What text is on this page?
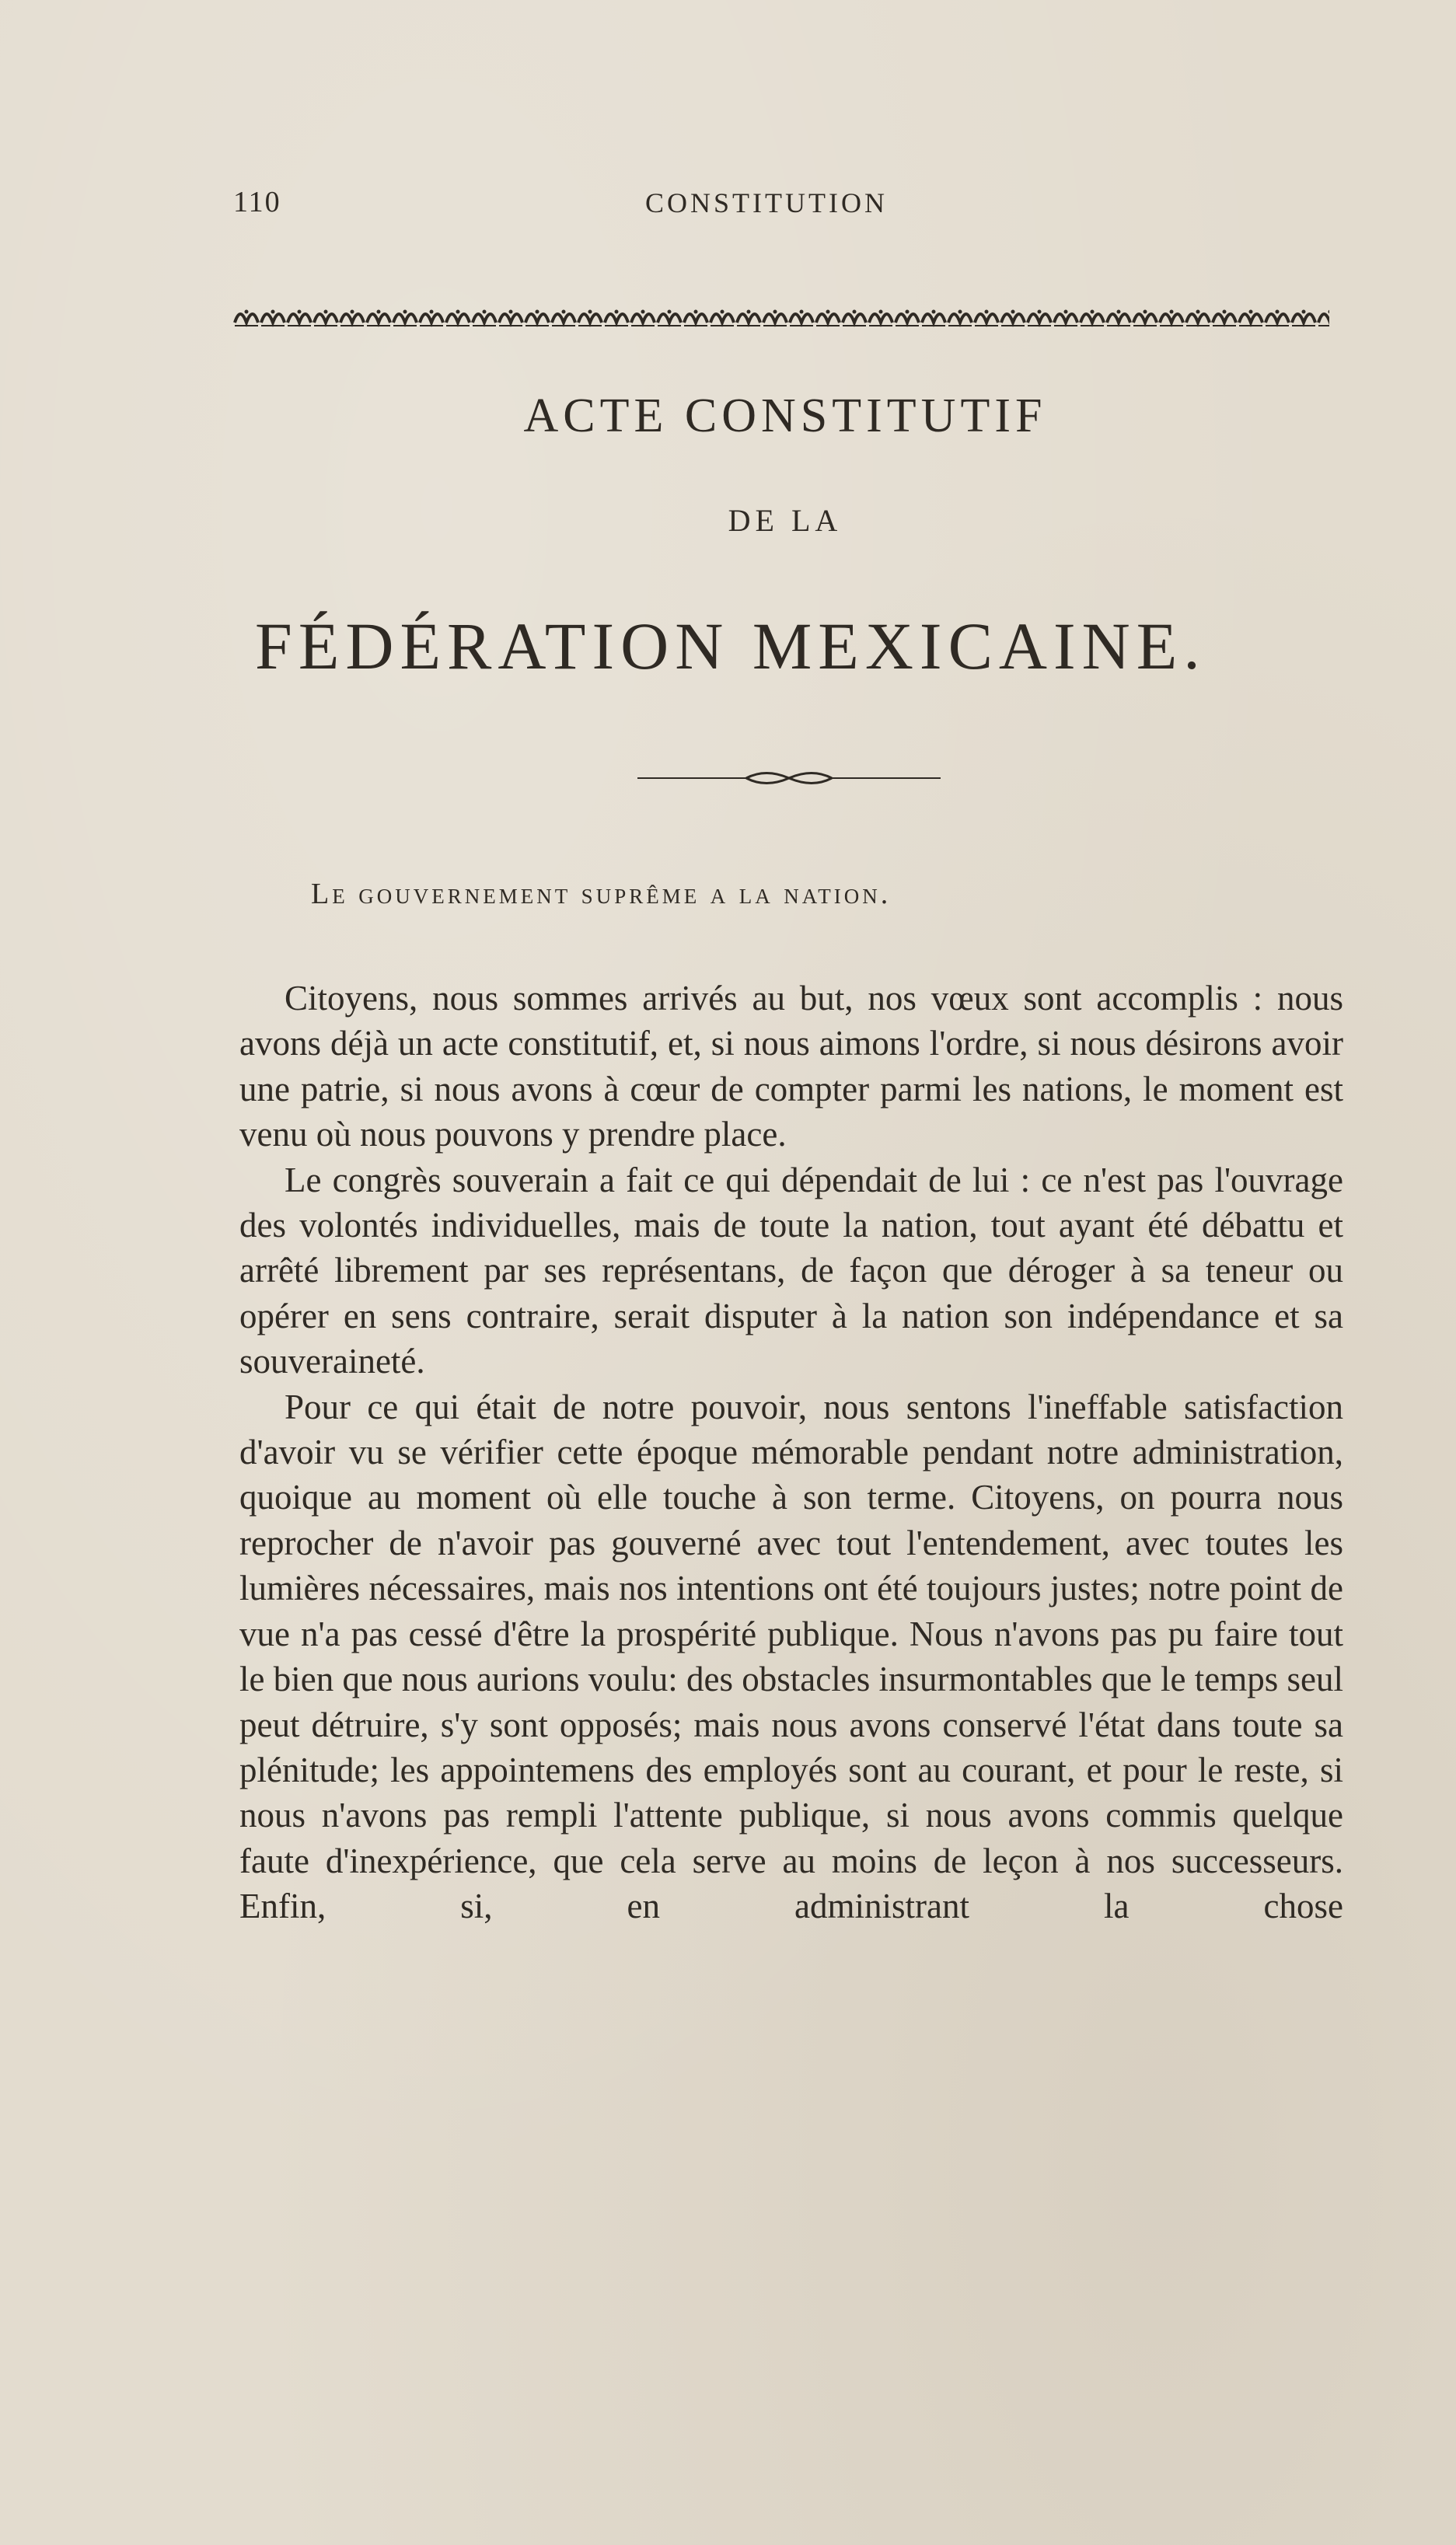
110	CONSTITUTION
ACTE CONSTITUTIF
DE LA
FÉDÉRATION MEXICAINE.
Le gouvernement suprême a la nation.

Citoyens, nous sommes arrivés au but, nos vœux sont accomplis : nous avons déjà un acte constitutif, et, si nous aimons l'ordre, si nous désirons avoir une patrie, si nous avons à cœur de compter parmi les nations, le moment est venu où nous pouvons y prendre place.

Le congrès souverain a fait ce qui dépendait de lui : ce n'est pas l'ouvrage des volontés individuelles, mais de toute la nation, tout ayant été débattu et arrêté librement par ses représentans, de façon que déroger à sa teneur ou opérer en sens contraire, serait disputer à la nation son indépendance et sa souveraineté.

Pour ce qui était de notre pouvoir, nous sentons l'ineffable satisfaction d'avoir vu se vérifier cette époque mémorable pendant notre administration, quoique au moment où elle touche à son terme. Citoyens, on pourra nous reprocher de n'avoir pas gouverné avec tout l'entendement, avec toutes les lumières nécessaires, mais nos intentions ont été toujours justes; notre point de vue n'a pas cessé d'être la prospérité publique. Nous n'avons pas pu faire tout le bien que nous aurions voulu: des obstacles insurmontables que le temps seul peut détruire, s'y sont opposés; mais nous avons conservé l'état dans toute sa plénitude; les appointemens des employés sont au courant, et pour le reste, si nous n'avons pas rempli l'attente publique, si nous avons commis quelque faute d'inexpérience, que cela serve au moins de leçon à nos successeurs. Enfin, si, en administrant la chose
